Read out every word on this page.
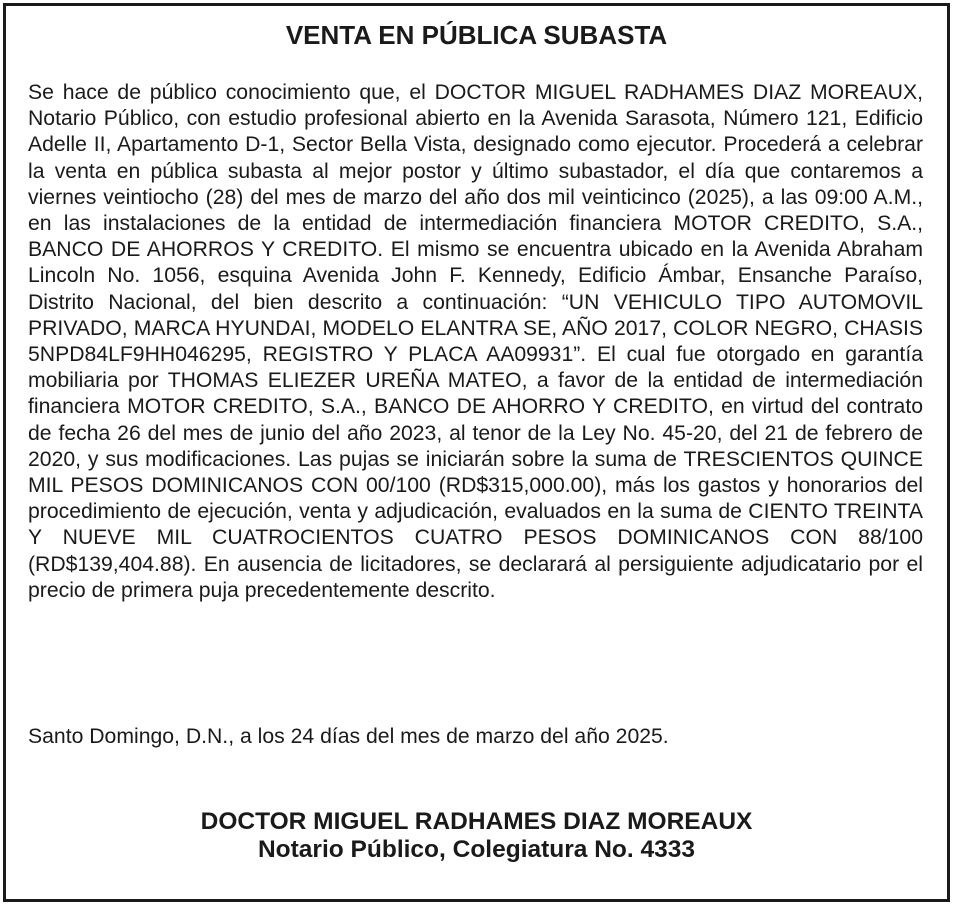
VENTA EN PÚBLICA SUBASTA

Se hace de público conocimiento que, el DOCTOR MIGUEL RADHAMES DIAZ MOREAUX, Notario Público, con estudio profesional abierto en la Avenida Sarasota, Número 121, Edificio Adelle II, Apartamento D-1, Sector Bella Vista, designado como ejecutor. Procederá a celebrar la venta en pública subasta al mejor postor y último subastador, el día que contaremos a viernes veintiocho (28) del mes de marzo del año dos mil veinticinco (2025), a las 09:00 A.M., en las instalaciones de la entidad de intermediación financiera MOTOR CREDITO, S.A., BANCO DE AHORROS Y CREDITO. El mismo se encuentra ubicado en la Avenida Abraham Lincoln No. 1056, esquina Avenida John F. Kennedy, Edificio Ámbar, Ensanche Paraíso, Distrito Nacional, del bien descrito a continuación: “UN VEHICULO TIPO AUTOMOVIL PRIVADO, MARCA HYUNDAI, MODELO ELANTRA SE, AÑO 2017, COLOR NEGRO, CHASIS 5NPD84LF9HH046295, REGISTRO Y PLACA AA09931”. El cual fue otorgado en garantía mobiliaria por THOMAS ELIEZER UREÑA MATEO, a favor de la entidad de intermediación financiera MOTOR CREDITO, S.A., BANCO DE AHORRO Y CREDITO, en virtud del contrato de fecha 26 del mes de junio del año 2023, al tenor de la Ley No. 45-20, del 21 de febrero de 2020, y sus modificaciones. Las pujas se iniciarán sobre la suma de TRESCIENTOS QUINCE MIL PESOS DOMINICANOS CON 00/100 (RD$315,000.00), más los gastos y honorarios del procedimiento de ejecución, venta y adjudicación, evaluados en la suma de CIENTO TREINTA Y NUEVE MIL CUATROCIENTOS CUATRO PESOS DOMINICANOS CON 88/100 (RD$139,404.88). En ausencia de licitadores, se declarará al persiguiente adjudicatario por el precio de primera puja precedentemente descrito.

Santo Domingo, D.N., a los 24 días del mes de marzo del año 2025.

DOCTOR MIGUEL RADHAMES DIAZ MOREAUX
Notario Público, Colegiatura No. 4333
